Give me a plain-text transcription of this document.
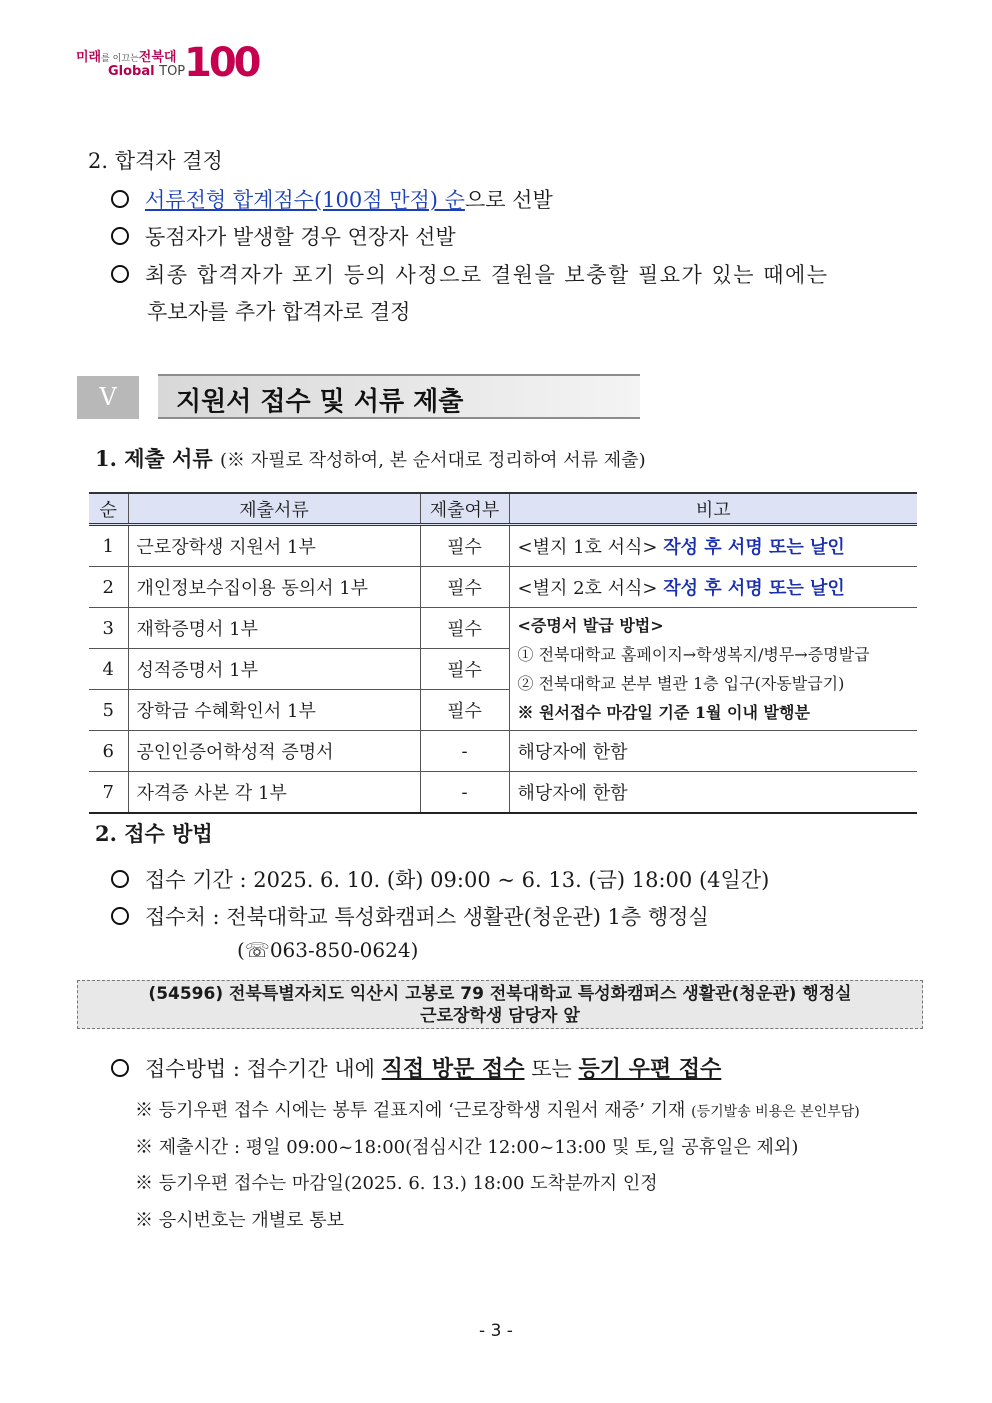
미래를 이끄는전북대
Global TOP
100
2. 합격자 결정
서류전형 합계점수(100점 만점) 순으로 선발
동점자가 발생할 경우 연장자 선발
최종 합격자가 포기 등의 사정으로 결원을 보충할 필요가 있는 때에는
후보자를 추가 합격자로 결정
Ⅴ	지원서 접수 및 서류 제출
1. 제출 서류 (※ 자필로 작성하여, 본 순서대로 정리하여 서류 제출)
순	제출서류	제출여부	비고
1	근로장학생 지원서 1부	필수	<별지 1호 서식> 작성 후 서명 또는 날인
2	개인정보수집이용 동의서 1부	필수	<별지 2호 서식> 작성 후 서명 또는 날인
3	재학증명서 1부	필수	<증명서 발급 방법>
① 전북대학교 홈페이지→학생복지/병무→증명발급
② 전북대학교 본부 별관 1층 입구(자동발급기)
※ 원서접수 마감일 기준 1월 이내 발행분

4	성적증명서 1부	필수	
5	장학금 수혜확인서 1부	필수	
6	공인인증어학성적 증명서	-	해당자에 한함
7	자격증 사본 각 1부	-	해당자에 한함
2. 접수 방법
접수 기간 : 2025. 6. 10. (화) 09:00 ~ 6. 13. (금) 18:00 (4일간)
접수처 : 전북대학교 특성화캠퍼스 생활관(청운관) 1층 행정실
(☏063-850-0624)
(54596) 전북특별자치도 익산시 고봉로 79 전북대학교 특성화캠퍼스 생활관(청운관) 행정실
근로장학생 담당자 앞
접수방법 : 접수기간 내에 직접 방문 접수 또는 등기 우편 접수
※ 등기우편 접수 시에는 봉투 겉표지에 ‘근로장학생 지원서 재중’ 기재 (등기발송 비용은 본인부담)
※ 제출시간 : 평일 09:00~18:00(점심시간 12:00~13:00 및 토,일 공휴일은 제외)
※ 등기우편 접수는 마감일(2025. 6. 13.) 18:00 도착분까지 인정
※ 응시번호는 개별로 통보
- 3 -
